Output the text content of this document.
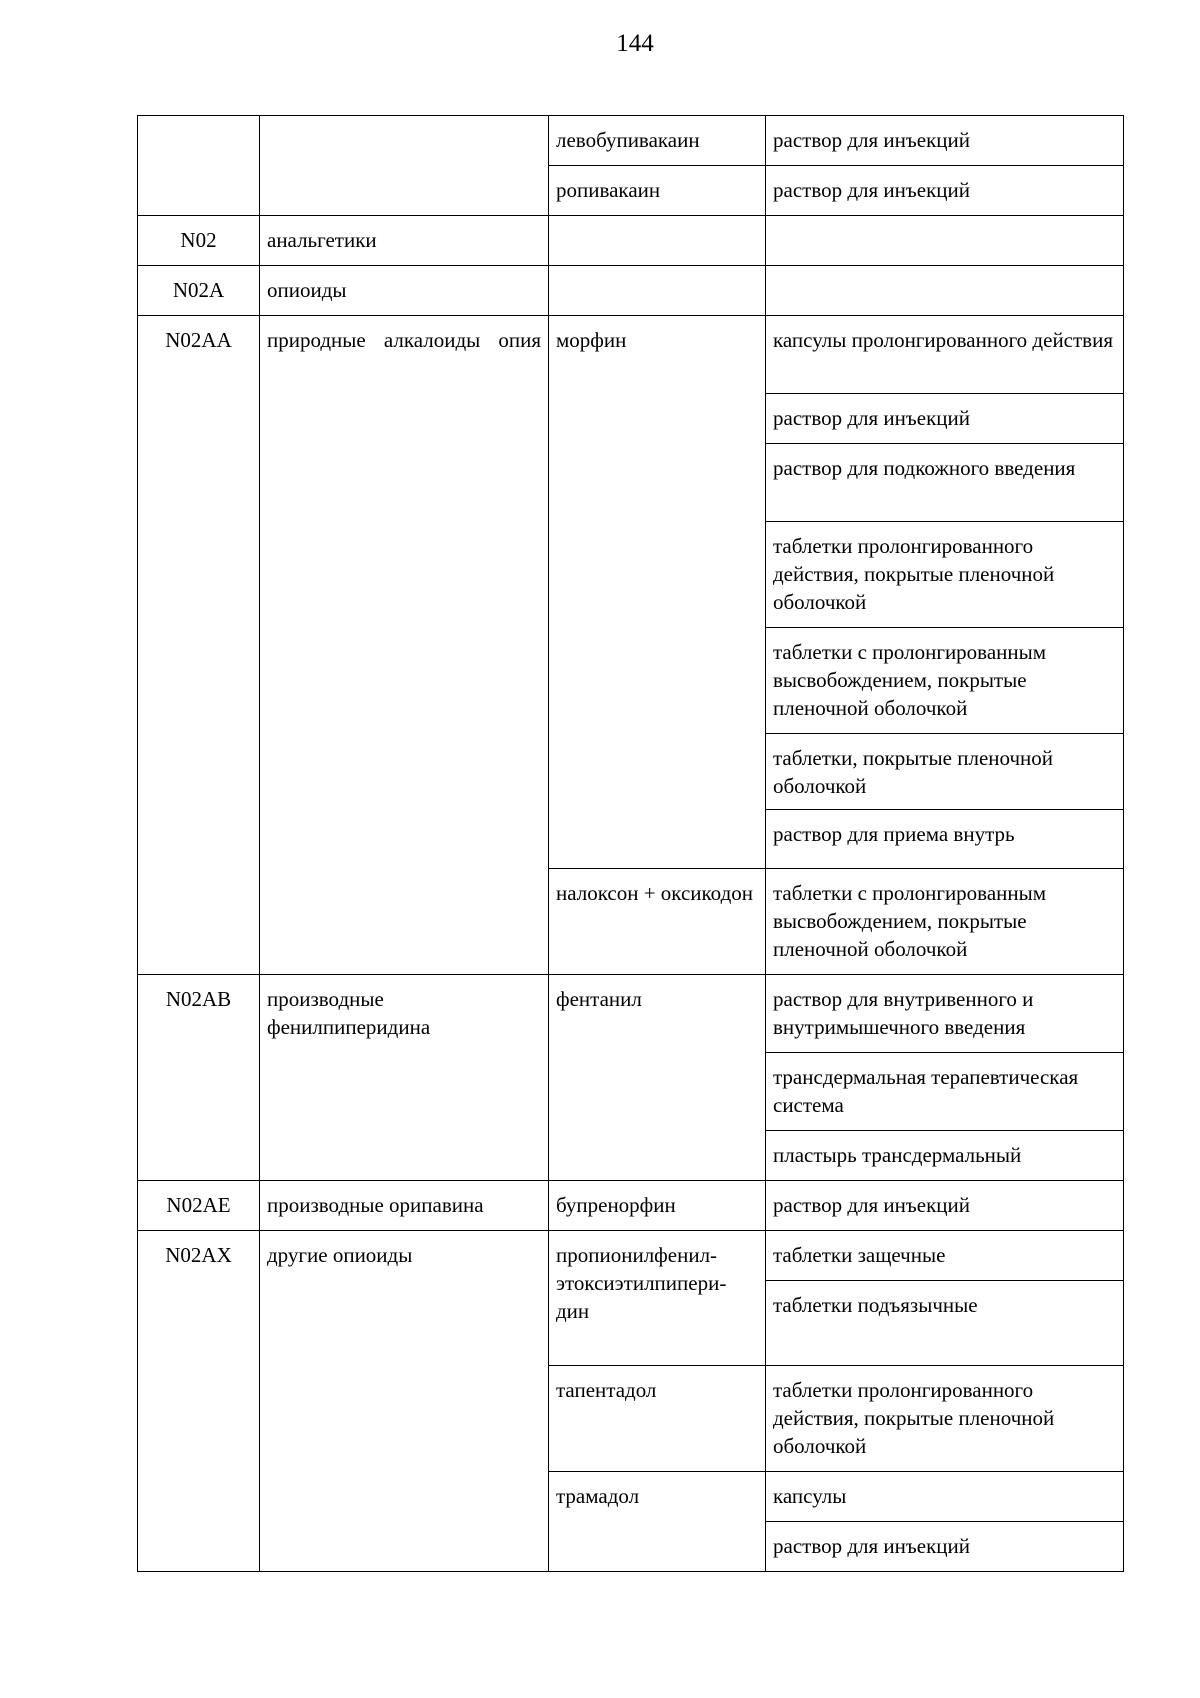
144
		левобупивакаин	раствор для инъекций
		ропивакаин	раствор для инъекций
N02	анальгетики		
N02A	опиоиды		
N02AA	природные алкалоиды опия	морфин	капсулы пролонгированного действия
			раствор для инъекций
			раствор для подкожного введения
			таблетки пролонгированного действия, покрытые пленочной оболочкой
			таблетки с пролонгированным высвобождением, покрытые пленочной оболочкой
			таблетки, покрытые пленочной оболочкой
			раствор для приема внутрь
		налоксон + оксикодон	таблетки с пролонгированным высвобождением, покрытые пленочной оболочкой
N02AB	производные фенилпиперидина	фентанил	раствор для внутривенного и внутримышечного введения
			трансдермальная терапевтическая система
			пластырь трансдермальный
N02AE	производные орипавина	бупренорфин	раствор для инъекций
N02AX	другие опиоиды	пропионилфенил-
этоксиэтилпипери-
дин	таблетки защечные
			таблетки подъязычные
		тапентадол	таблетки пролонгированного действия, покрытые пленочной оболочкой
		трамадол	капсулы
			раствор для инъекций
